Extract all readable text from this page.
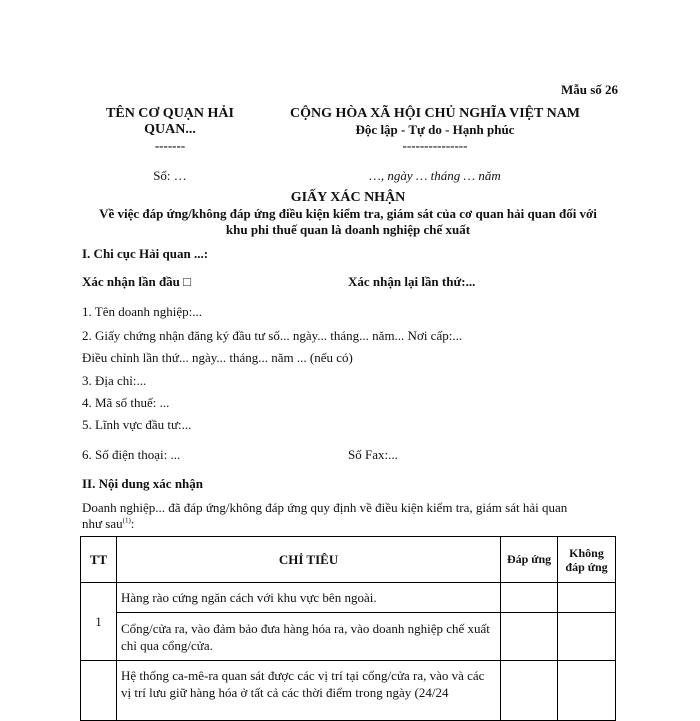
Mẫu số 26
TÊN CƠ QUẠN HẢI
QUAN...
-------
Số: …
CỘNG HÒA XÃ HỘI CHỦ NGHĨA VIỆT NAM
Độc lập - Tự do - Hạnh phúc
---------------
…, ngày … tháng … năm
GIẤY XÁC NHẬN
Về việc đáp ứng/không đáp ứng điều kiện kiểm tra, giám sát của cơ quan hải quan đối với
khu phi thuế quan là doanh nghiệp chế xuất
I. Chi cục Hải quan ...:
Xác nhận lần đầu □	Xác nhận lại lần thứ:...
1. Tên doanh nghiệp:...
2. Giấy chứng nhận đăng ký đầu tư số... ngày... tháng... năm... Nơi cấp:...
Điều chỉnh lần thứ... ngày... tháng... năm ... (nếu có)
3. Địa chỉ:...
4. Mã số thuế: ...
5. Lĩnh vực đầu tư:...
6. Số điện thoại: ...	Số Fax:...
II. Nội dung xác nhận
Doanh nghiệp... đã đáp ứng/không đáp ứng quy định về điều kiện kiểm tra, giám sát hải quan
như sau$^{(1)}$:
TT	CHỈ TIÊU	Đáp ứng	Không
đáp ứng
1	Hàng rào cứng ngăn cách với khu vực bên ngoài.		
	Cổng/cửa ra, vào đảm bảo đưa hàng hóa ra, vào doanh nghiệp chế xuất chỉ qua cổng/cửa.		
	Hệ thống ca-mê-ra quan sát được các vị trí tại cổng/cửa ra, vào và các vị trí lưu giữ hàng hóa ở tất cả các thời điểm trong ngày (24/24		
